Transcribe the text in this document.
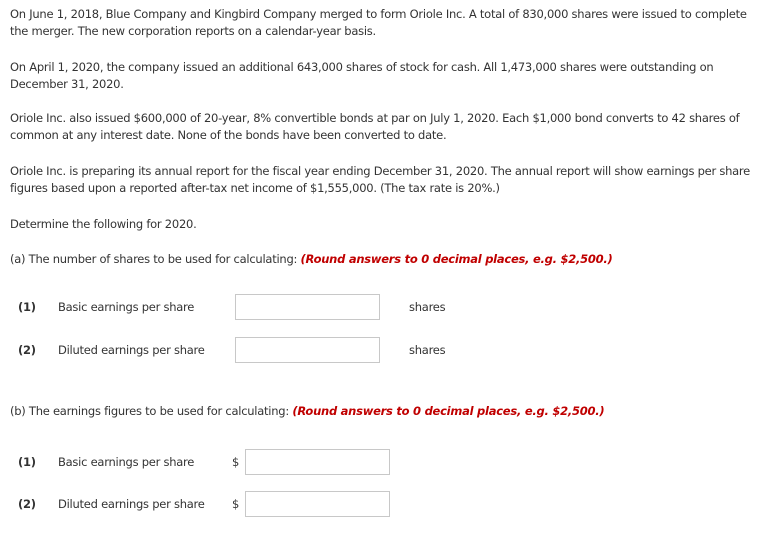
On June 1, 2018, Blue Company and Kingbird Company merged to form Oriole Inc. A total of 830,000 shares were issued to complete the merger. The new corporation reports on a calendar-year basis.

On April 1, 2020, the company issued an additional 643,000 shares of stock for cash. All 1,473,000 shares were outstanding on December 31, 2020.

Oriole Inc. also issued $600,000 of 20-year, 8% convertible bonds at par on July 1, 2020. Each $1,000 bond converts to 42 shares of common at any interest date. None of the bonds have been converted to date.

Oriole Inc. is preparing its annual report for the fiscal year ending December 31, 2020. The annual report will show earnings per share figures based upon a reported after-tax net income of $1,555,000. (The tax rate is 20%.)

Determine the following for 2020.

(a) The number of shares to be used for calculating: (Round answers to 0 decimal places, e.g. $2,500.)

(1) Basic earnings per share	shares
(2) Diluted earnings per share	shares

(b) The earnings figures to be used for calculating: (Round answers to 0 decimal places, e.g. $2,500.)

(1) Basic earnings per share	$
(2) Diluted earnings per share $
